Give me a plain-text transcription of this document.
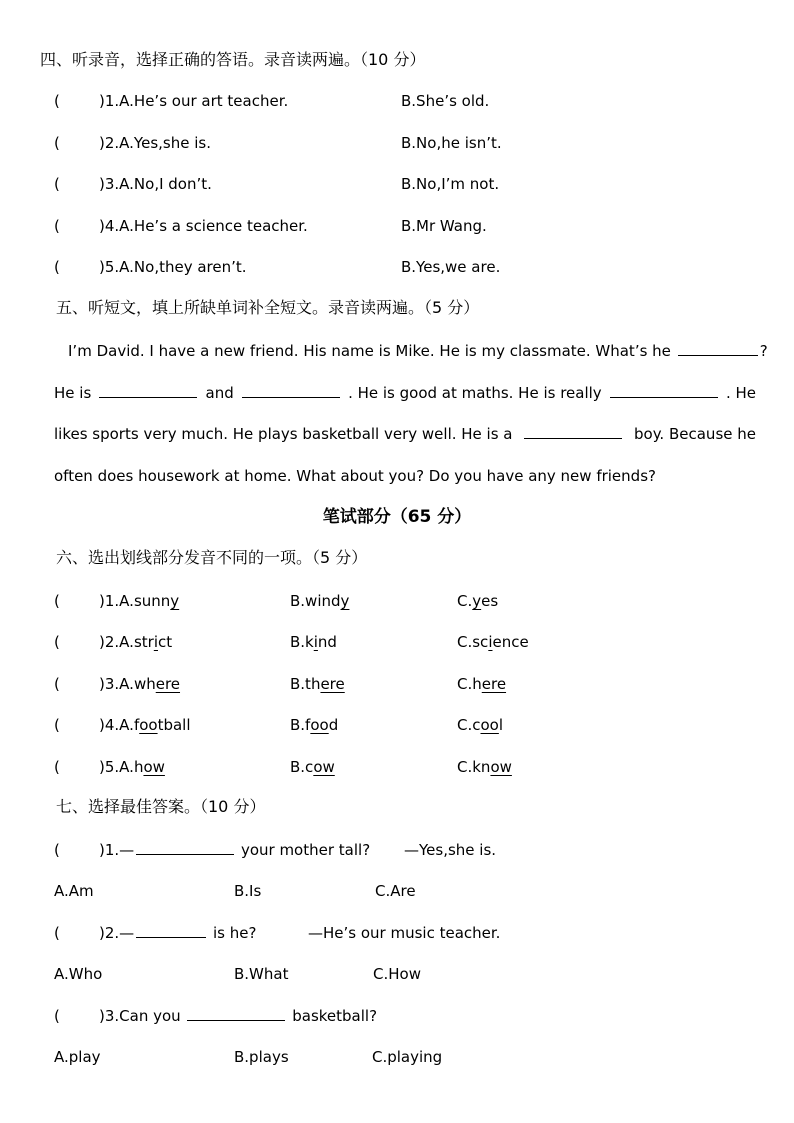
四、听录音，选择正确的答语。录音读两遍。（10 分）
(	)1.A.He’s our art teacher.	B.She’s old.
(	)2.A.Yes,she is.	B.No,he isn’t.
(	)3.A.No,I don’t.	B.No,I’m not.
(	)4.A.He’s a science teacher.	B.Mr Wang.
(	)5.A.No,they aren’t.	B.Yes,we are.
五、听短文，填上所缺单词补全短文。录音读两遍。（5 分）
I’m David. I have a new friend. His name is Mike. He is my classmate. What’s he	?
He is	and	. He is good at maths. He is really	. He
likes sports very much. He plays basketball very well. He is a	boy. Because he
often does housework at home. What about you? Do you have any new friends?
笔试部分（65 分）
六、选出划线部分发音不同的一项。（5 分）
(	)1.A.sunny	B.windy	C.yes
(	)2.A.strict	B.kind	C.science
(	)3.A.where	B.there	C.here
(	)4.A.football	B.food	C.cool
(	)5.A.how	B.cow	C.know
七、选择最佳答案。（10 分）
(	)1.—	your mother tall? —Yes,she is.
A.Am	B.Is	C.Are
(	)2.—	is he?	—He’s our music teacher.
A.Who	B.What	C.How
(	)3.Can you	basketball?
A.play	B.plays	C.playing
